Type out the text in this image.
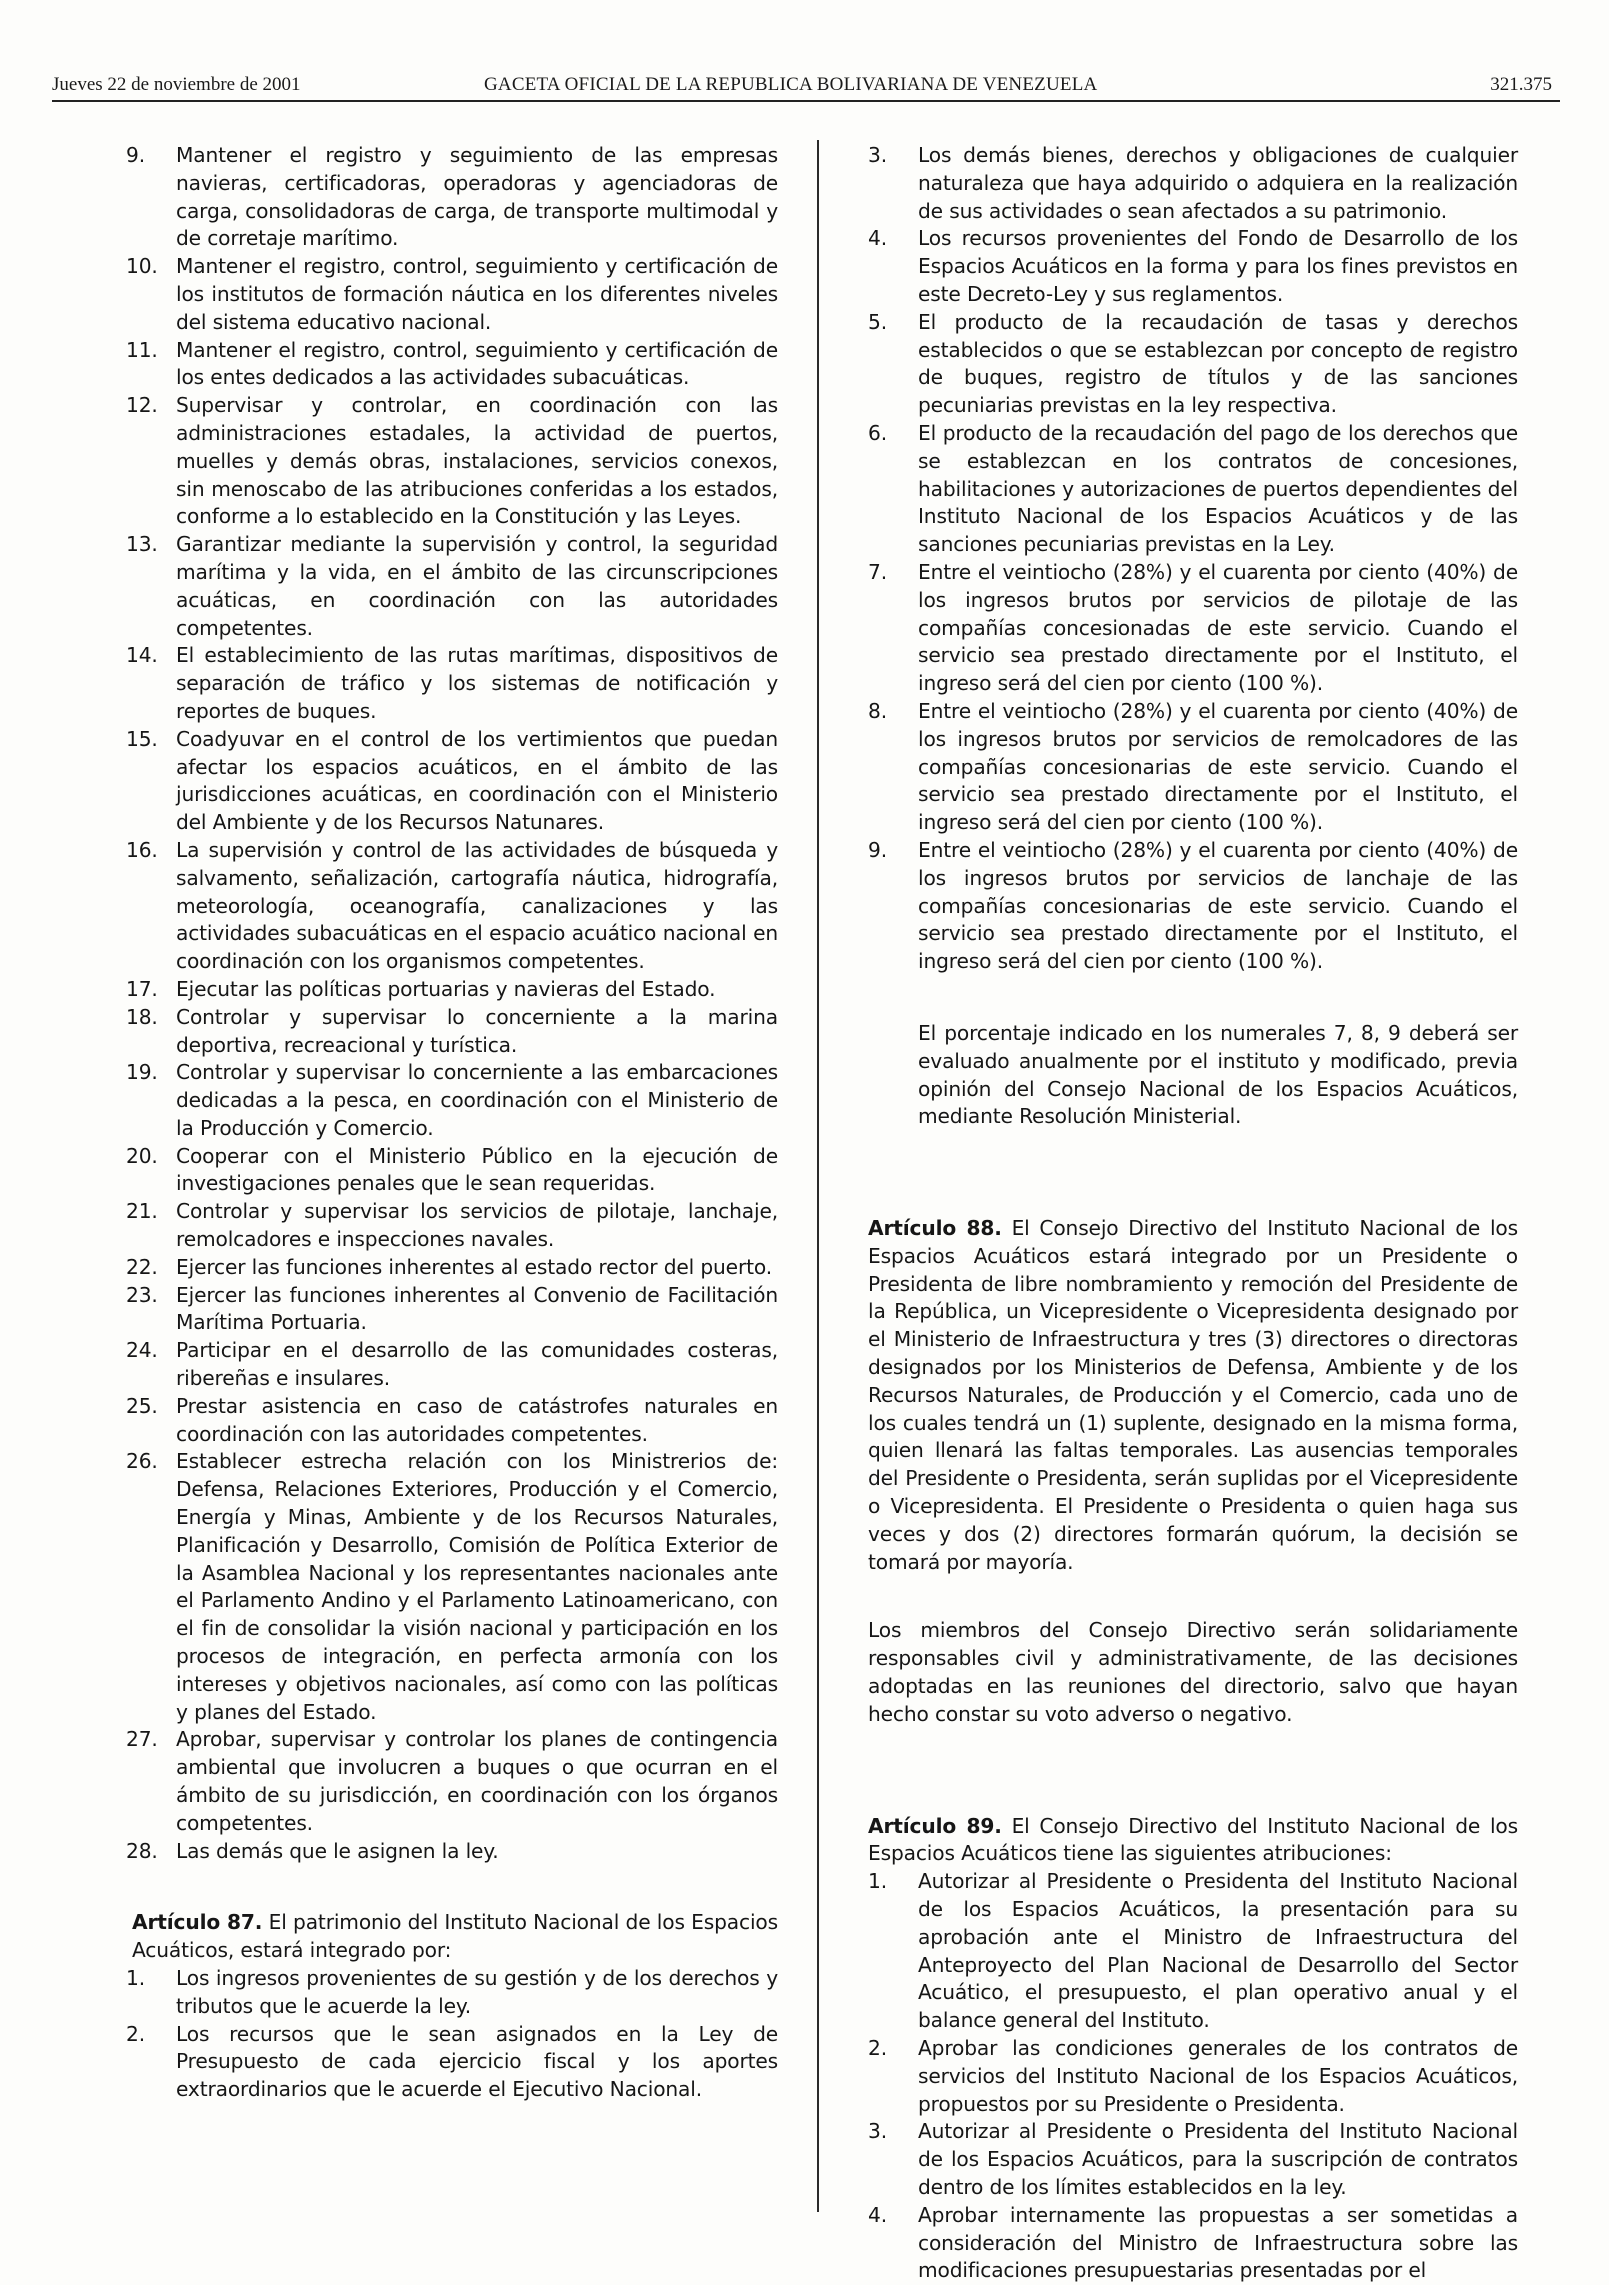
Jueves 22 de noviembre de 2001	GACETA OFICIAL DE LA REPUBLICA BOLIVARIANA DE VENEZUELA	321.375
9.	Mantener el registro y seguimiento de las empresas navieras, certificadoras, operadoras y agenciadoras de carga, consolidadoras de carga, de transporte multimodal y de corretaje marítimo.
10. Mantener el registro, control, seguimiento y certificación de los institutos de formación náutica en los diferentes niveles del sistema educativo nacional.
11. Mantener el registro, control, seguimiento y certificación de los entes dedicados a las actividades subacuáticas.
12. Supervisar y controlar, en coordinación con las administraciones estadales, la actividad de puertos, muelles y demás obras, instalaciones, servicios conexos, sin menoscabo de las atribuciones conferidas a los estados, conforme a lo establecido en la Constitución y las Leyes.
13. Garantizar mediante la supervisión y control, la seguridad marítima y la vida, en el ámbito de las circunscripciones acuáticas, en coordinación con las autoridades competentes.
14. El establecimiento de las rutas marítimas, dispositivos de separación de tráfico y los sistemas de notificación y reportes de buques.
15. Coadyuvar en el control de los vertimientos que puedan afectar los espacios acuáticos, en el ámbito de las jurisdicciones acuáticas, en coordinación con el Ministerio del Ambiente y de los Recursos Natunares.
16. La supervisión y control de las actividades de búsqueda y salvamento, señalización, cartografía náutica, hidrografía, meteorología, oceanografía, canalizaciones y las actividades subacuáticas en el espacio acuático nacional en coordinación con los organismos competentes.
17. Ejecutar las políticas portuarias y navieras del Estado.
18. Controlar y supervisar lo concerniente a la marina deportiva, recreacional y turística.
19. Controlar y supervisar lo concerniente a las embarcaciones dedicadas a la pesca, en coordinación con el Ministerio de la Producción y Comercio.
20. Cooperar con el Ministerio Público en la ejecución de investigaciones penales que le sean requeridas.
21. Controlar y supervisar los servicios de pilotaje, lanchaje, remolcadores e inspecciones navales.
22. Ejercer las funciones inherentes al estado rector del puerto.
23. Ejercer las funciones inherentes al Convenio de Facilitación Marítima Portuaria.
24. Participar en el desarrollo de las comunidades costeras, ribereñas e insulares.
25. Prestar asistencia en caso de catástrofes naturales en coordinación con las autoridades competentes.
26. Establecer estrecha relación con los Ministrerios de: Defensa, Relaciones Exteriores, Producción y el Comercio, Energía y Minas, Ambiente y de los Recursos Naturales, Planificación y Desarrollo, Comisión de Política Exterior de la Asamblea Nacional y los representantes nacionales ante el Parlamento Andino y el Parlamento Latinoamericano, con el fin de consolidar la visión nacional y participación en los procesos de integración, en perfecta armonía con los intereses y objetivos nacionales, así como con las políticas y planes del Estado.
27. Aprobar, supervisar y controlar los planes de contingencia ambiental que involucren a buques o que ocurran en el ámbito de su jurisdicción, en coordinación con los órganos competentes.
28. Las demás que le asignen la ley.

Artículo 87. El patrimonio del Instituto Nacional de los Espacios Acuáticos, estará integrado por:

1.	Los ingresos provenientes de su gestión y de los derechos y tributos que le acuerde la ley.
2.	Los recursos que le sean asignados en la Ley de Presupuesto de cada ejercicio fiscal y los aportes extraordinarios que le acuerde el Ejecutivo Nacional.
3.	Los demás bienes, derechos y obligaciones de cualquier naturaleza que haya adquirido o adquiera en la realización de sus actividades o sean afectados a su patrimonio.
4.	Los recursos provenientes del Fondo de Desarrollo de los Espacios Acuáticos en la forma y para los fines previstos en este Decreto-Ley y sus reglamentos.
5.	El producto de la recaudación de tasas y derechos establecidos o que se establezcan por concepto de registro de buques, registro de títulos y de las sanciones pecuniarias previstas en la ley respectiva.
6.	El producto de la recaudación del pago de los derechos que se establezcan en los contratos de concesiones, habilitaciones y autorizaciones de puertos dependientes del Instituto Nacional de los Espacios Acuáticos y de las sanciones pecuniarias previstas en la Ley.
7.	Entre el veintiocho (28%) y el cuarenta por ciento (40%) de los ingresos brutos por servicios de pilotaje de las compañías concesionadas de este servicio. Cuando el servicio sea prestado directamente por el Instituto, el ingreso será del cien por ciento (100 %).
8.	Entre el veintiocho (28%) y el cuarenta por ciento (40%) de los ingresos brutos por servicios de remolcadores de las compañías concesionarias de este servicio. Cuando el servicio sea prestado directamente por el Instituto, el ingreso será del cien por ciento (100 %).
9.	Entre el veintiocho (28%) y el cuarenta por ciento (40%) de los ingresos brutos por servicios de lanchaje de las compañías concesionarias de este servicio. Cuando el servicio sea prestado directamente por el Instituto, el ingreso será del cien por ciento (100 %).

El porcentaje indicado en los numerales 7, 8, 9 deberá ser evaluado anualmente por el instituto y modificado, previa opinión del Consejo Nacional de los Espacios Acuáticos, mediante Resolución Ministerial.

Artículo 88. El Consejo Directivo del Instituto Nacional de los Espacios Acuáticos estará integrado por un Presidente o Presidenta de libre nombramiento y remoción del Presidente de la República, un Vicepresidente o Vicepresidenta designado por el Ministerio de Infraestructura y tres (3) directores o directoras designados por los Ministerios de Defensa, Ambiente y de los Recursos Naturales, de Producción y el Comercio, cada uno de los cuales tendrá un (1) suplente, designado en la misma forma, quien llenará las faltas temporales. Las ausencias temporales del Presidente o Presidenta, serán suplidas por el Vicepresidente o Vicepresidenta. El Presidente o Presidenta o quien haga sus veces y dos (2) directores formarán quórum, la decisión se tomará por mayoría.

Los miembros del Consejo Directivo serán solidariamente responsables civil y administrativamente, de las decisiones adoptadas en las reuniones del directorio, salvo que hayan hecho constar su voto adverso o negativo.

Artículo 89. El Consejo Directivo del Instituto Nacional de los Espacios Acuáticos tiene las siguientes atribuciones:

1.	Autorizar al Presidente o Presidenta del Instituto Nacional de los Espacios Acuáticos, la presentación para su aprobación ante el Ministro de Infraestructura del Anteproyecto del Plan Nacional de Desarrollo del Sector Acuático, el presupuesto, el plan operativo anual y el balance general del Instituto.
2.	Aprobar las condiciones generales de los contratos de servicios del Instituto Nacional de los Espacios Acuáticos, propuestos por su Presidente o Presidenta.
3.	Autorizar al Presidente o Presidenta del Instituto Nacional de los Espacios Acuáticos, para la suscripción de contratos dentro de los límites establecidos en la ley.
4.	Aprobar internamente las propuestas a ser sometidas a consideración del Ministro de Infraestructura sobre las modificaciones presupuestarias presentadas por el
